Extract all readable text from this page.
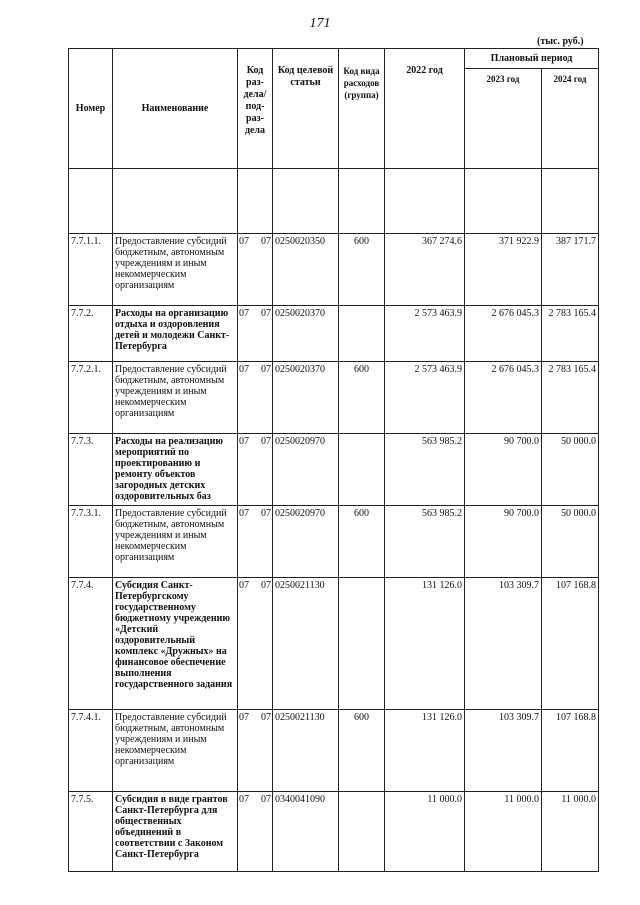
171
(тыс. руб.)
Номер	Наименование	Код раз-дела/ под-раз-дела	Код целевой статьи	Код вида расходов (группа)	2022 год	Плановый период	
						2023 год	2024 год

7.7.1.1.	Предоставление субсидий бюджетным, автономным учреждениям и иным некоммерческим организациям	07 07	0250020350	600	367 274.6	371 922.9	387 171.7
7.7.2.	Расходы на организацию отдыха и оздоровления детей и молодежи Санкт-Петербурга	07 07	0250020370		2 573 463.9	2 676 045.3	2 783 165.4
7.7.2.1.	Предоставление субсидий бюджетным, автономным учреждениям и иным некоммерческим организациям	07 07	0250020370	600	2 573 463.9	2 676 045.3	2 783 165.4
7.7.3.	Расходы на реализацию мероприятий по проектированию и ремонту объектов загородных детских оздоровительных баз	07 07	0250020970		563 985.2	90 700.0	50 000.0
7.7.3.1.	Предоставление субсидий бюджетным, автономным учреждениям и иным некоммерческим организациям	07 07	0250020970	600	563 985.2	90 700.0	50 000.0
7.7.4.	Субсидия Санкт-Петербургскому государственному бюджетному учреждению «Детский оздоровительный комплекс «Дружных» на финансовое обеспечение выполнения государственного задания	07 07	0250021130		131 126.0	103 309.7	107 168.8
7.7.4.1.	Предоставление субсидий бюджетным, автономным учреждениям и иным некоммерческим организациям	07 07	0250021130	600	131 126.0	103 309.7	107 168.8
7.7.5.	Субсидия в виде грантов Санкт-Петербурга для общественных объединений в соответствии с Законом Санкт-Петербурга	07 07	0340041090		11 000.0	11 000.0	11 000.0
